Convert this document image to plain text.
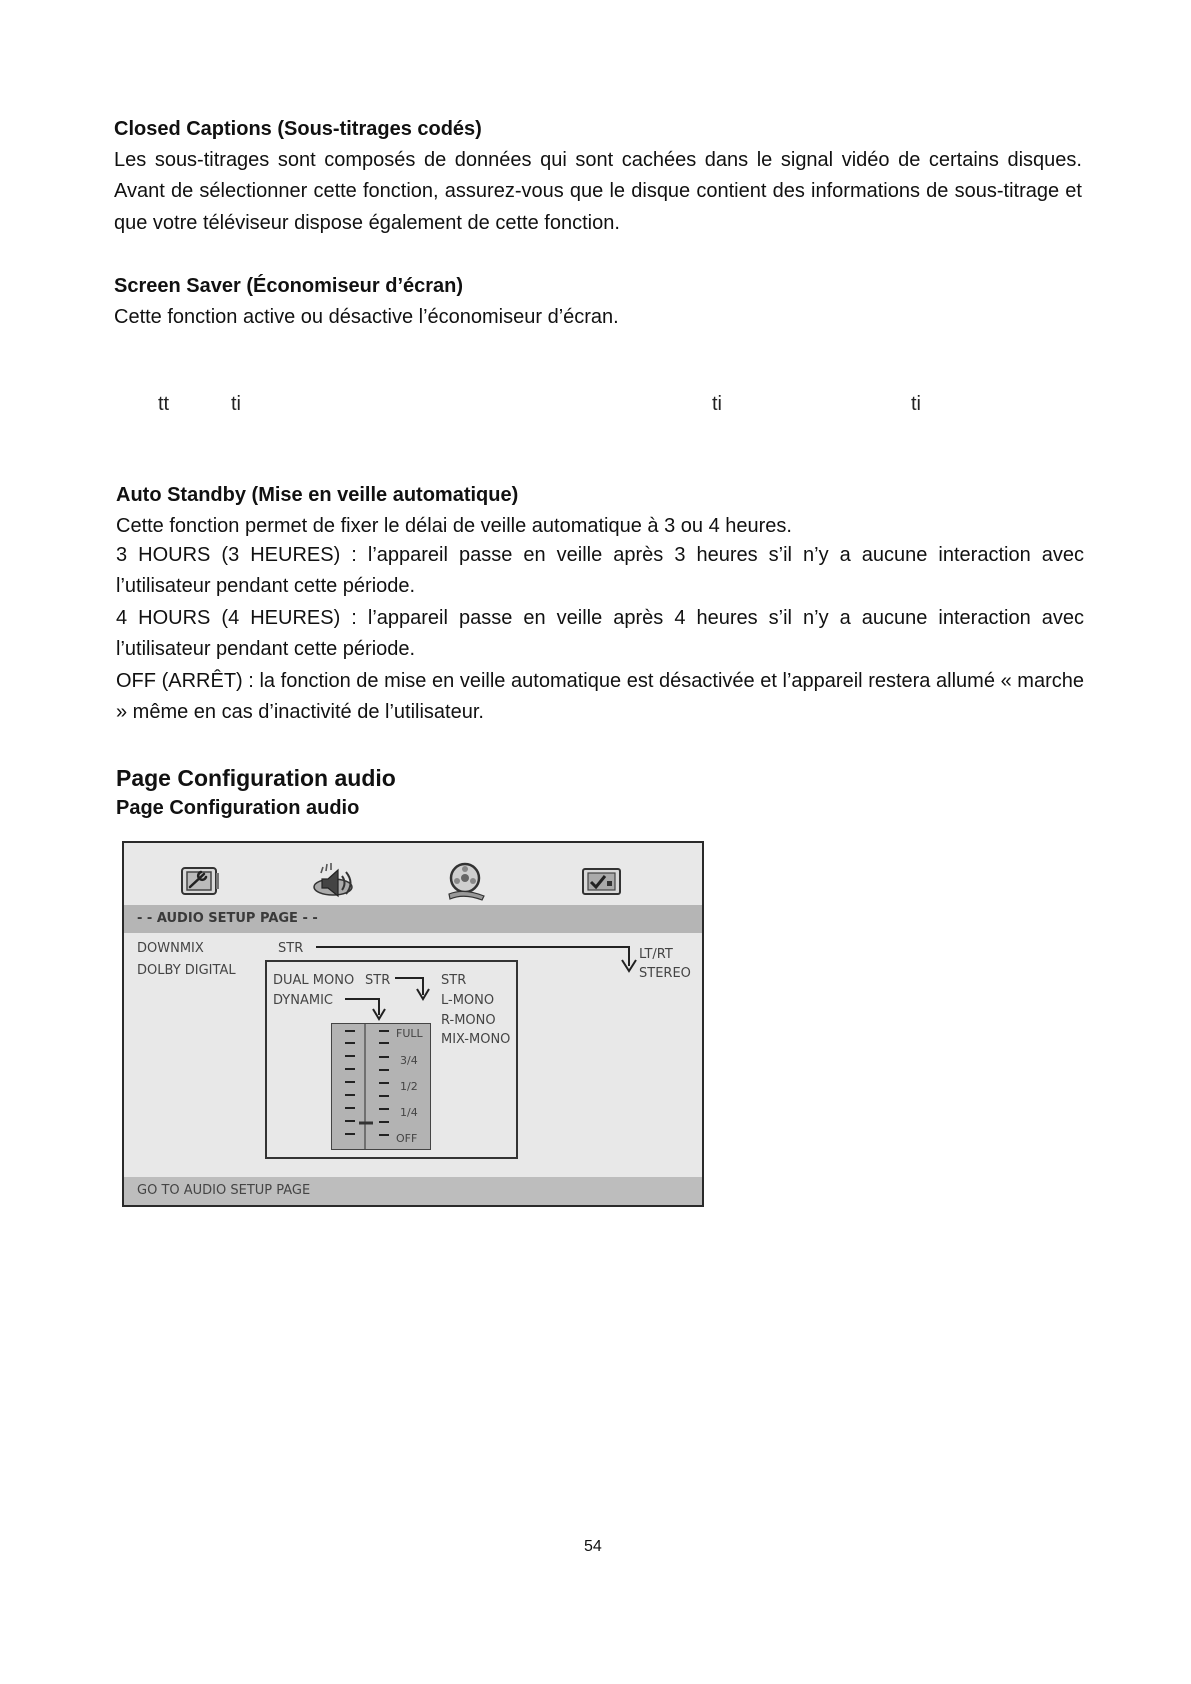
Closed Captions (Sous-titrages codés)
Les sous-titrages sont composés de données qui sont cachées dans le signal vidéo de certains disques. Avant de sélectionner cette fonction, assurez-vous que le disque contient des informations de sous-titrage et que votre téléviseur dispose également de cette fonction.
Screen Saver (Économiseur d’écran)
Cette fonction active ou désactive l’économiseur d’écran.
tt	ti	ti	ti
Auto Standby (Mise en veille automatique)
Cette fonction permet de fixer le délai de veille automatique à 3 ou 4 heures.
3 HOURS (3 HEURES) : l’appareil passe en veille après 3 heures s’il n’y a aucune interaction avec l’utilisateur pendant cette période.
4 HOURS (4 HEURES) : l’appareil passe en veille après 4 heures s’il n’y a aucune interaction avec l’utilisateur pendant cette période.
OFF (ARRÊT) : la fonction de mise en veille automatique est désactivée et l’appareil restera allumé « marche » même en cas d’inactivité de l’utilisateur.
Page Configuration audio
Page Configuration audio
- - AUDIO SETUP PAGE - -
DOWNMIX	STR
DOLBY DIGITAL
LT/RT
STEREO
DUAL MONO STR
DYNAMIC
STR
L-MONO
R-MONO
MIX-MONO
FULL
3/4
1/2
1/4
OFF
GO TO AUDIO SETUP PAGE
54
